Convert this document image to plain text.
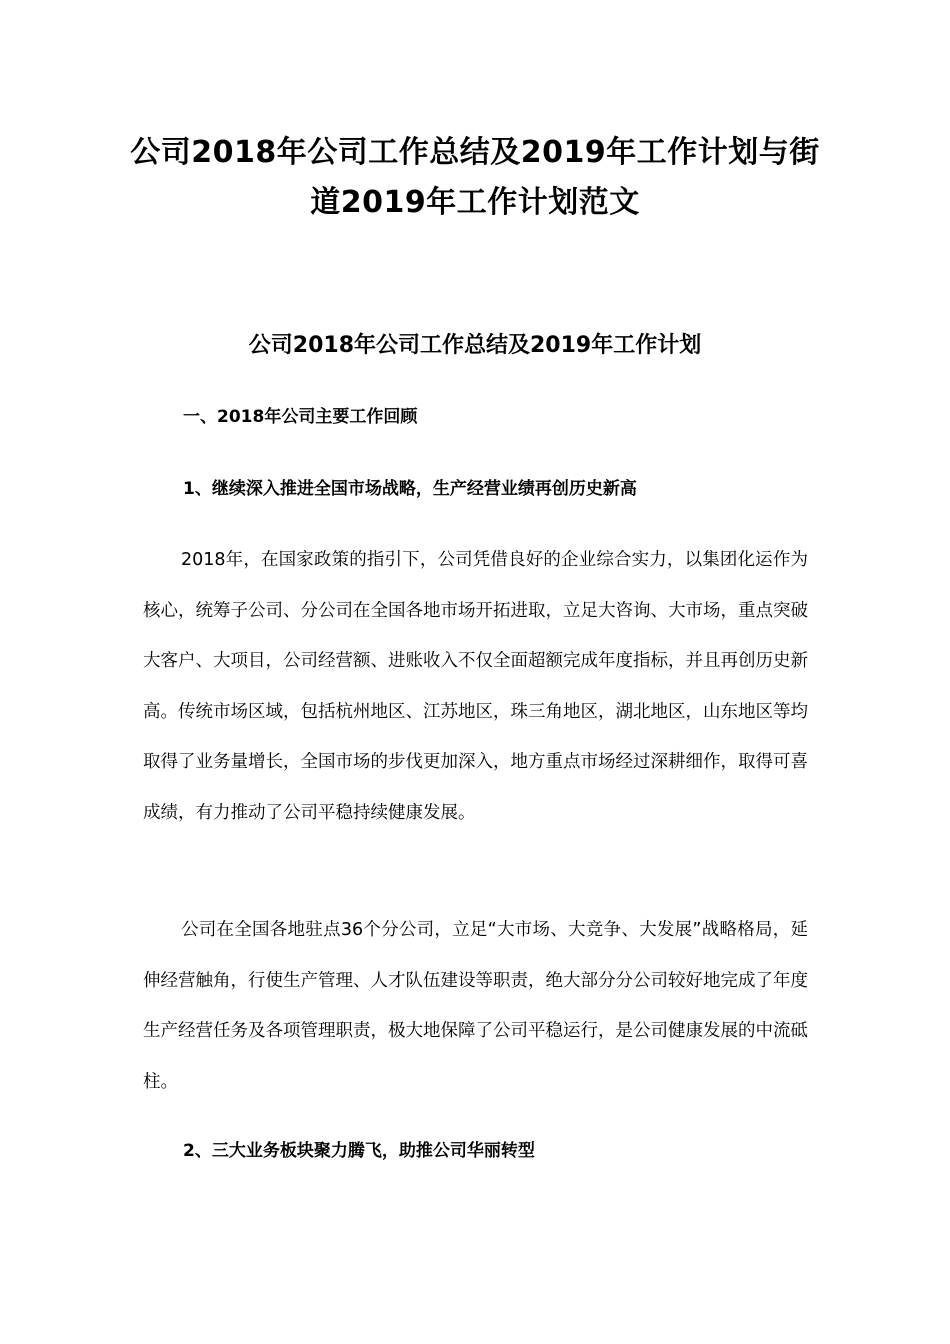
公司2018年公司工作总结及2019年工作计划与街道2019年工作计划范文
公司2018年公司工作总结及2019年工作计划

一、2018年公司主要工作回顾

1、继续深入推进全国市场战略，生产经营业绩再创历史新高

2018年，在国家政策的指引下，公司凭借良好的企业综合实力，以集团化运作为核心，统筹子公司、分公司在全国各地市场开拓进取，立足大咨询、大市场，重点突破大客户、大项目，公司经营额、进账收入不仅全面超额完成年度指标，并且再创历史新高。传统市场区域，包括杭州地区、江苏地区，珠三角地区，湖北地区，山东地区等均取得了业务量增长，全国市场的步伐更加深入，地方重点市场经过深耕细作，取得可喜成绩，有力推动了公司平稳持续健康发展。

公司在全国各地驻点36个分公司，立足“大市场、大竞争、大发展”战略格局，延伸经营触角，行使生产管理、人才队伍建设等职责，绝大部分分公司较好地完成了年度生产经营任务及各项管理职责，极大地保障了公司平稳运行，是公司健康发展的中流砥柱。

2、三大业务板块聚力腾飞，助推公司华丽转型
